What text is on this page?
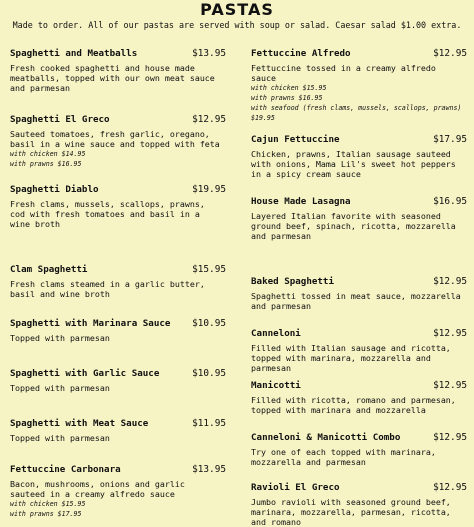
PASTAS
Made to order. All of our pastas are served with soup or salad. Caesar salad $1.00 extra.
Spaghetti and Meatballs	$13.95
Fresh cooked spaghetti and house made meatballs, topped with our own meat sauce and parmesan
Spaghetti El Greco	$12.95
Sauteed tomatoes, fresh garlic, oregano, basil in a wine sauce and topped with feta
with chicken $14.95
with prawns $16.95
Spaghetti Diablo	$19.95
Fresh clams, mussels, scallops, prawns, cod with fresh tomatoes and basil in a wine broth
Clam Spaghetti	$15.95
Fresh clams steamed in a garlic butter, basil and wine broth
Spaghetti with Marinara Sauce $10.95
Topped with parmesan
Spaghetti with Garlic Sauce	$10.95
Topped with parmesan
Spaghetti with Meat Sauce	$11.95
Topped with parmesan
Fettuccine Carbonara	$13.95
Bacon, mushrooms, onions and garlic sauteed in a creamy alfredo sauce
with chicken $15.95
with prawns $17.95
Fettuccine Alfredo	$12.95
Fettuccine tossed in a creamy alfredo sauce
with chicken $15.95
with prawns $16.95
with seafood (fresh clams, mussels, scallops, prawns) $19.95
Cajun Fettuccine	$17.95
Chicken, prawns, Italian sausage sauteed with onions, Mama Lil's sweet hot peppers in a spicy cream sauce
House Made Lasagna	$16.95
Layered Italian favorite with seasoned ground beef, spinach, ricotta, mozzarella and parmesan
Baked Spaghetti	$12.95
Spaghetti tossed in meat sauce, mozzarella and parmesan
Canneloni	$12.95
Filled with Italian sausage and ricotta, topped with marinara, mozzarella and parmesan
Manicotti	$12.95
Filled with ricotta, romano and parmesan, topped with marinara and mozzarella
Canneloni & Manicotti Combo	$12.95
Try one of each topped with marinara, mozzarella and parmesan
Ravioli El Greco	$12.95
Jumbo ravioli with seasoned ground beef, marinara, mozzarella, parmesan, ricotta, and romano
